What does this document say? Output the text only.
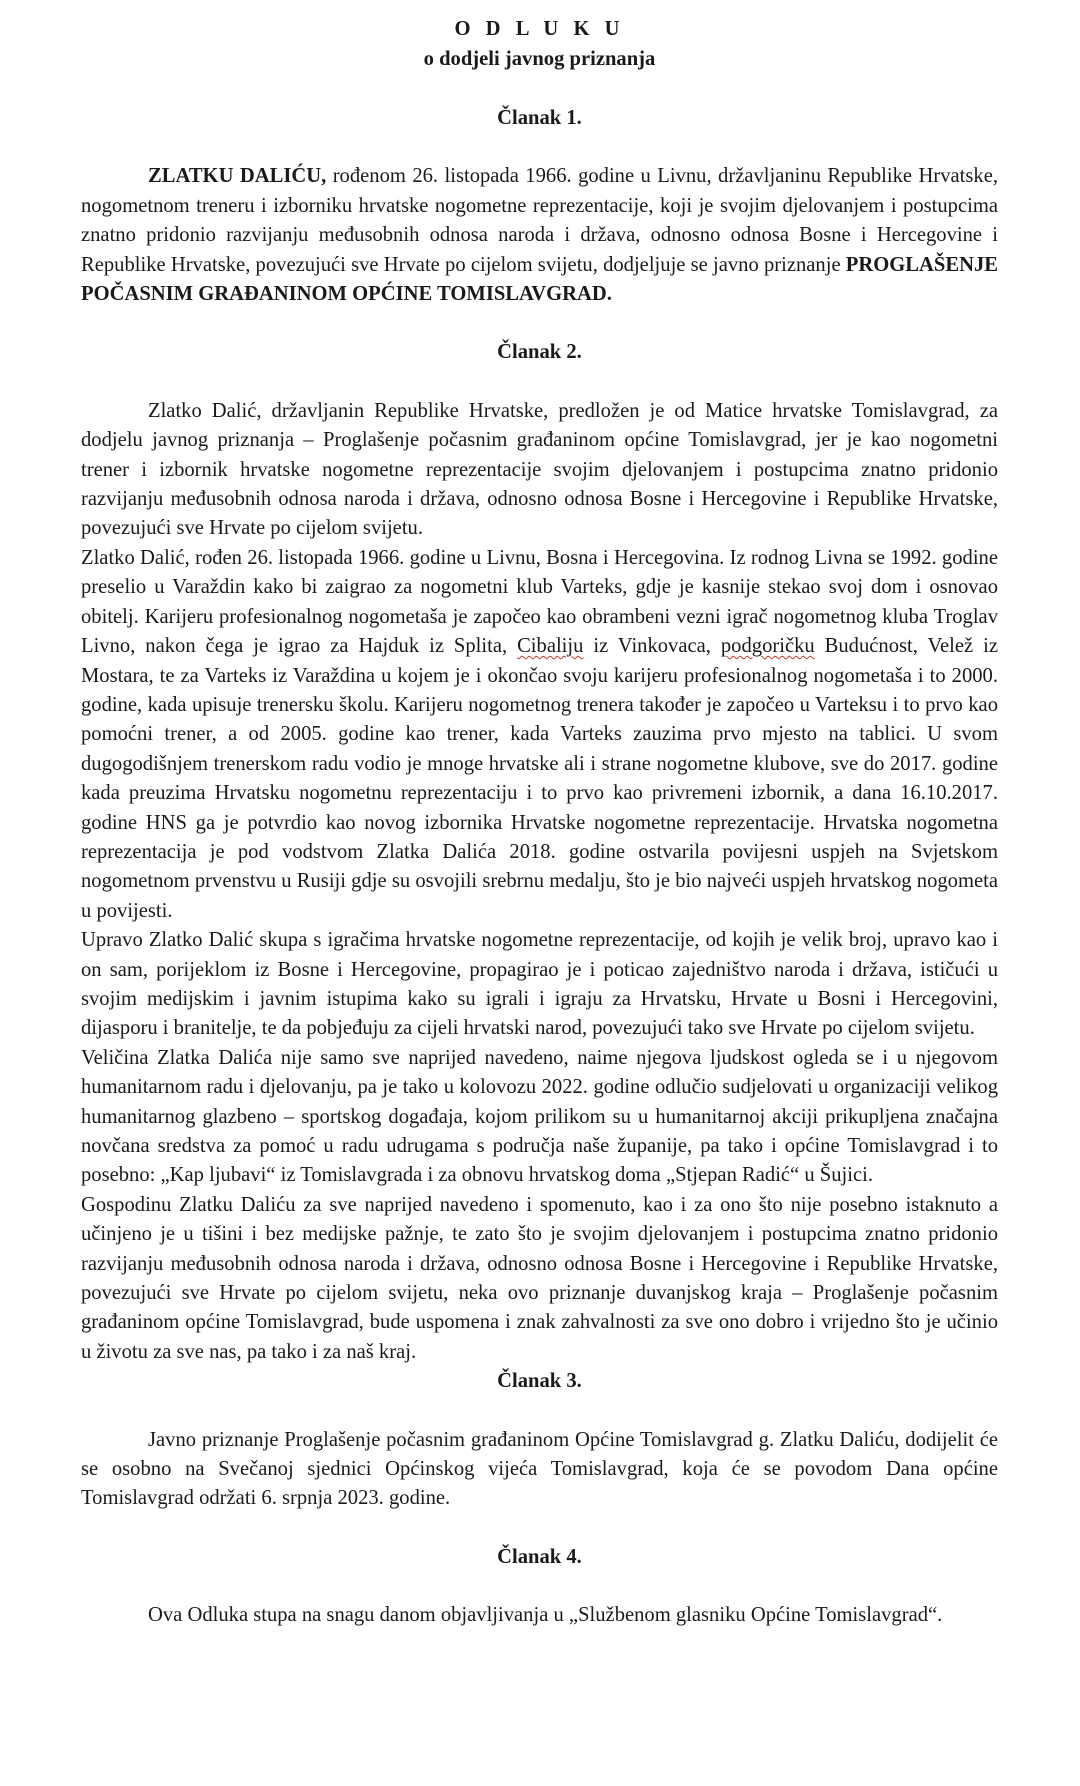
O D L U K U
o dodjeli javnog priznanja
Članak 1.

ZLATKU DALIĆU, rođenom 26. listopada 1966. godine u Livnu, državljaninu Republike Hrvatske, nogometnom treneru i izborniku hrvatske nogometne reprezentacije, koji je svojim djelovanjem i postupcima znatno pridonio razvijanju međusobnih odnosa naroda i država, odnosno odnosa Bosne i Hercegovine i Republike Hrvatske, povezujući sve Hrvate po cijelom svijetu, dodjeljuje se javno priznanje PROGLAŠENJE POČASNIM GRAĐANINOM OPĆINE TOMISLAVGRAD.

Članak 2.

Zlatko Dalić, državljanin Republike Hrvatske, predložen je od Matice hrvatske Tomislavgrad, za dodjelu javnog priznanja – Proglašenje počasnim građaninom općine Tomislavgrad, jer je kao nogometni trener i izbornik hrvatske nogometne reprezentacije svojim djelovanjem i postupcima znatno pridonio razvijanju međusobnih odnosa naroda i država, odnosno odnosa Bosne i Hercegovine i Republike Hrvatske, povezujući sve Hrvate po cijelom svijetu.

Zlatko Dalić, rođen 26. listopada 1966. godine u Livnu, Bosna i Hercegovina. Iz rodnog Livna se 1992. godine preselio u Varaždin kako bi zaigrao za nogometni klub Varteks, gdje je kasnije stekao svoj dom i osnovao obitelj. Karijeru profesionalnog nogometaša je započeo kao obrambeni vezni igrač nogometnog kluba Troglav Livno, nakon čega je igrao za Hajduk iz Splita, Cibaliju iz Vinkovaca, podgoričku Budućnost, Velež iz Mostara, te za Varteks iz Varaždina u kojem je i okončao svoju karijeru profesionalnog nogometaša i to 2000. godine, kada upisuje trenersku školu. Karijeru nogometnog trenera također je započeo u Varteksu i to prvo kao pomoćni trener, a od 2005. godine kao trener, kada Varteks zauzima prvo mjesto na tablici. U svom dugogodišnjem trenerskom radu vodio je mnoge hrvatske ali i strane nogometne klubove, sve do 2017. godine kada preuzima Hrvatsku nogometnu reprezentaciju i to prvo kao privremeni izbornik, a dana 16.10.2017. godine HNS ga je potvrdio kao novog izbornika Hrvatske nogometne reprezentacije. Hrvatska nogometna reprezentacija je pod vodstvom Zlatka Dalića 2018. godine ostvarila povijesni uspjeh na Svjetskom nogometnom prvenstvu u Rusiji gdje su osvojili srebrnu medalju, što je bio najveći uspjeh hrvatskog nogometa u povijesti.

Upravo Zlatko Dalić skupa s igračima hrvatske nogometne reprezentacije, od kojih je velik broj, upravo kao i on sam, porijeklom iz Bosne i Hercegovine, propagirao je i poticao zajedništvo naroda i država, ističući u svojim medijskim i javnim istupima kako su igrali i igraju za Hrvatsku, Hrvate u Bosni i Hercegovini, dijasporu i branitelje, te da pobjeđuju za cijeli hrvatski narod, povezujući tako sve Hrvate po cijelom svijetu.

Veličina Zlatka Dalića nije samo sve naprijed navedeno, naime njegova ljudskost ogleda se i u njegovom humanitarnom radu i djelovanju, pa je tako u kolovozu 2022. godine odlučio sudjelovati u organizaciji velikog humanitarnog glazbeno – sportskog događaja, kojom prilikom su u humanitarnoj akciji prikupljena značajna novčana sredstva za pomoć u radu udrugama s područja naše županije, pa tako i općine Tomislavgrad i to posebno: „Kap ljubavi“ iz Tomislavgrada i za obnovu hrvatskog doma „Stjepan Radić“ u Šujici.

Gospodinu Zlatku Daliću za sve naprijed navedeno i spomenuto, kao i za ono što nije posebno istaknuto a učinjeno je u tišini i bez medijske pažnje, te zato što je svojim djelovanjem i postupcima znatno pridonio razvijanju međusobnih odnosa naroda i država, odnosno odnosa Bosne i Hercegovine i Republike Hrvatske, povezujući sve Hrvate po cijelom svijetu, neka ovo priznanje duvanjskog kraja – Proglašenje počasnim građaninom općine Tomislavgrad, bude uspomena i znak zahvalnosti za sve ono dobro i vrijedno što je učinio u životu za sve nas, pa tako i za naš kraj.

Članak 3.

Javno priznanje Proglašenje počasnim građaninom Općine Tomislavgrad g. Zlatku Daliću, dodijelit će se osobno na Svečanoj sjednici Općinskog vijeća Tomislavgrad, koja će se povodom Dana općine Tomislavgrad održati 6. srpnja 2023. godine.

Članak 4.

Ova Odluka stupa na snagu danom objavljivanja u „Službenom glasniku Općine Tomislavgrad“.
